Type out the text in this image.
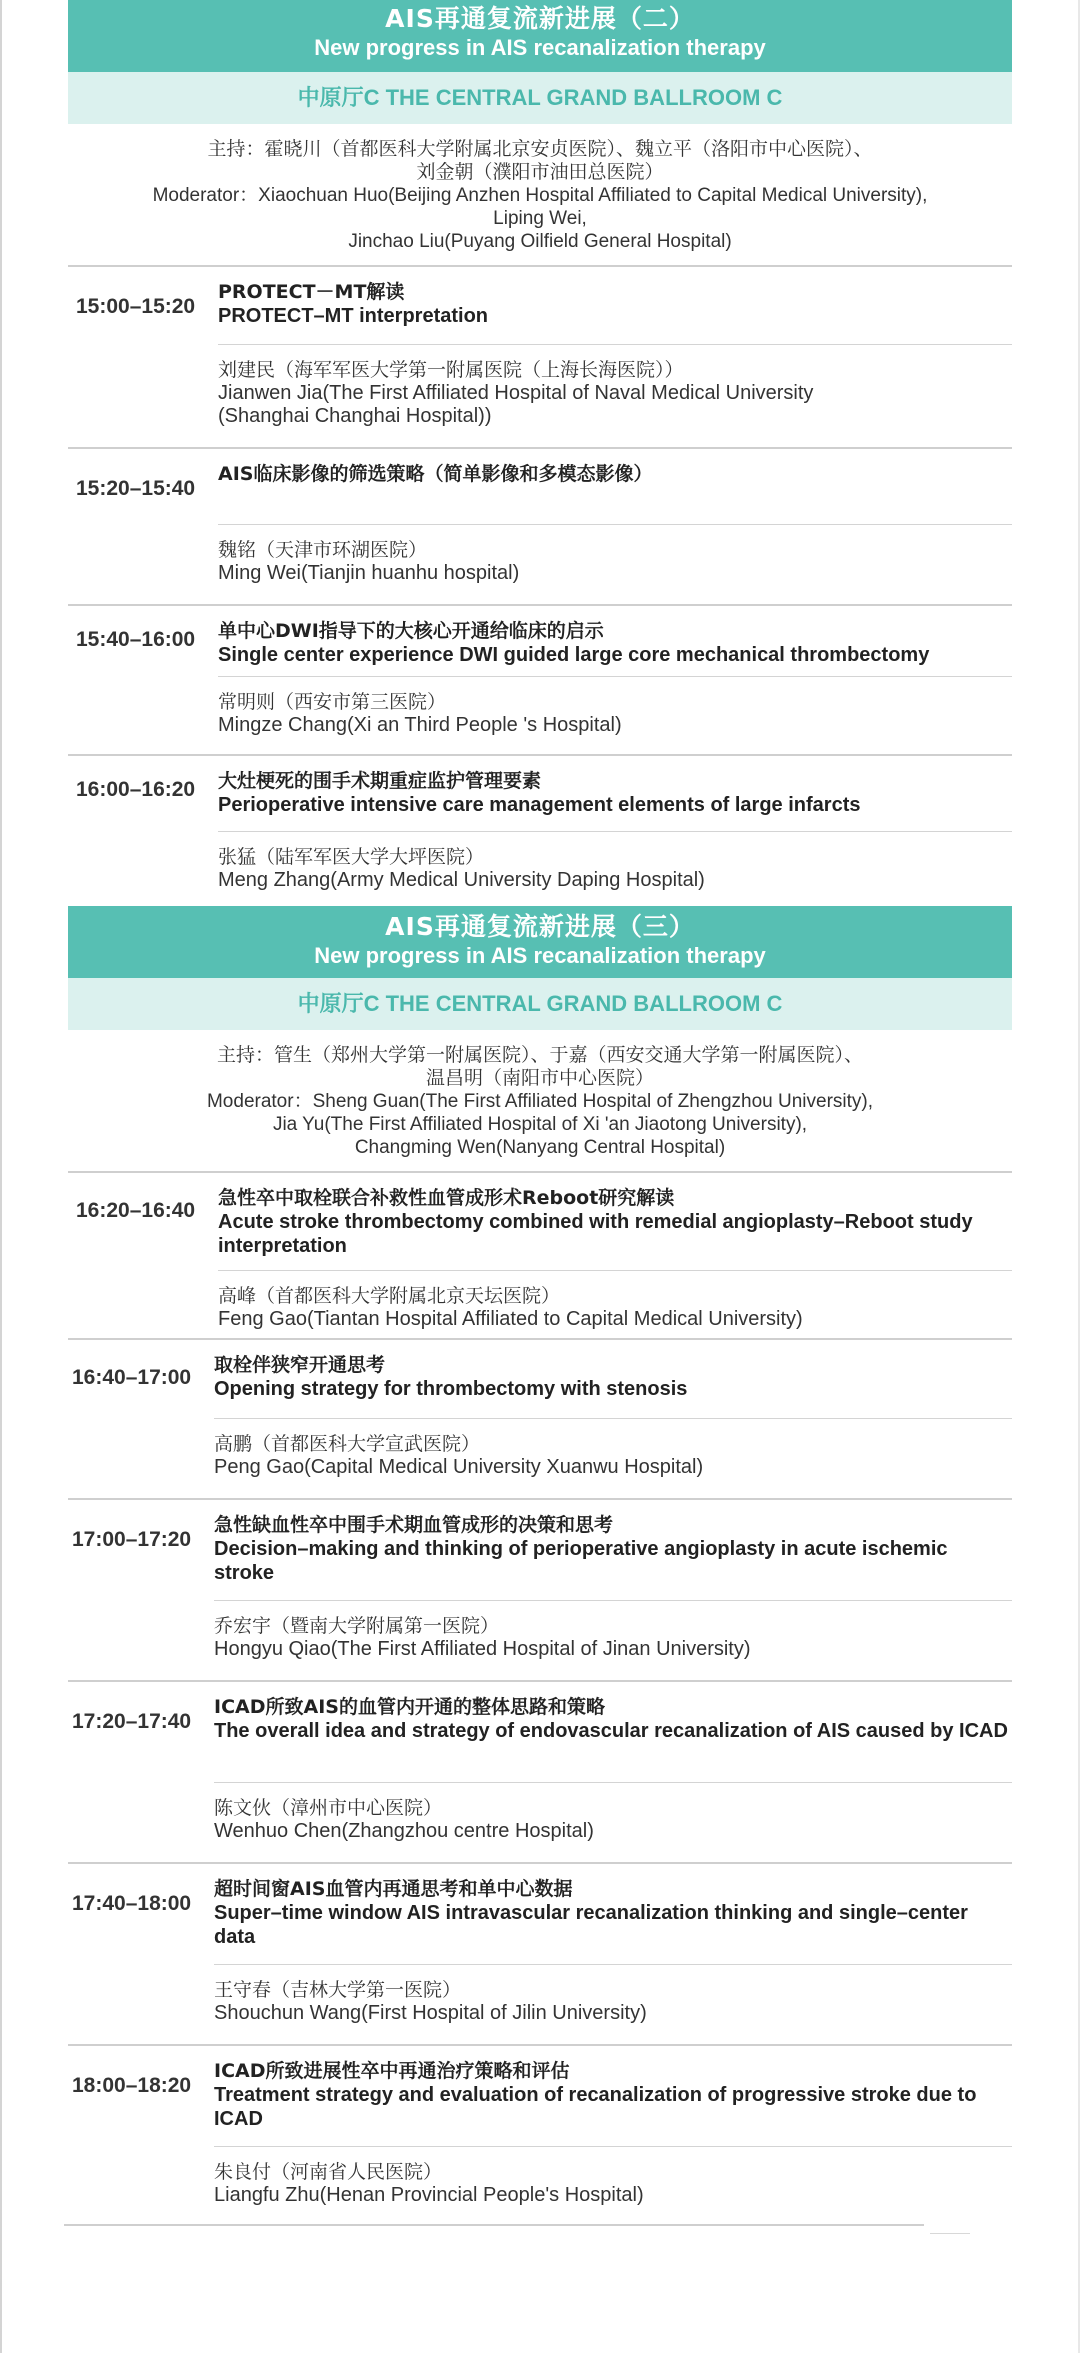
AIS再通复流新进展（二）
New progress in AIS recanalization therapy
中原厅C THE CENTRAL GRAND BALLROOM C
主持：霍晓川（首都医科大学附属北京安贞医院）、魏立平（洛阳市中心医院）、
刘金朝（濮阳市油田总医院）
Moderator：Xiaochuan Huo(Beijing Anzhen Hospital Affiliated to Capital Medical University),
Liping Wei,
Jinchao Liu(Puyang Oilfield General Hospital)
15:00–15:20
PROTECT－MT解读
PROTECT–MT interpretation
刘建民（海军军医大学第一附属医院（上海长海医院））
Jianwen Jia(The First Affiliated Hospital of Naval Medical University (Shanghai Changhai Hospital))
15:20–15:40
AIS临床影像的筛选策略（简单影像和多模态影像）
魏铭（天津市环湖医院）
Ming Wei(Tianjin huanhu hospital)
15:40–16:00 单中心DWI指导下的大核心开通给临床的启示
Single center experience DWI guided large core mechanical thrombectomy
常明则（西安市第三医院）
Mingze Chang(Xi an Third People 's Hospital)
16:00–16:20 大灶梗死的围手术期重症监护管理要素
Perioperative intensive care management elements of large infarcts
张猛（陆军军医大学大坪医院）
Meng Zhang(Army Medical University Daping Hospital)
AIS再通复流新进展（三）
New progress in AIS recanalization therapy
中原厅C THE CENTRAL GRAND BALLROOM C
主持：管生（郑州大学第一附属医院）、于嘉（西安交通大学第一附属医院）、
温昌明（南阳市中心医院）
Moderator：Sheng Guan(The First Affiliated Hospital of Zhengzhou University),
Jia Yu(The First Affiliated Hospital of Xi 'an Jiaotong University),
Changming Wen(Nanyang Central Hospital)
16:20–16:40
急性卒中取栓联合补救性血管成形术Reboot研究解读
Acute stroke thrombectomy combined with remedial angioplasty–Reboot study interpretation
高峰（首都医科大学附属北京天坛医院）
Feng Gao(Tiantan Hospital Affiliated to Capital Medical University)
16:40–17:00
取栓伴狭窄开通思考
Opening strategy for thrombectomy with stenosis
高鹏（首都医科大学宣武医院）
Peng Gao(Capital Medical University Xuanwu Hospital)
17:00–17:20
急性缺血性卒中围手术期血管成形的决策和思考
Decision–making and thinking of perioperative angioplasty in acute ischemic stroke
乔宏宇（暨南大学附属第一医院）
Hongyu Qiao(The First Affiliated Hospital of Jinan University)
17:20–17:40
ICAD所致AIS的血管内开通的整体思路和策略
The overall idea and strategy of endovascular recanalization of AIS caused by ICAD
陈文伙（漳州市中心医院）
Wenhuo Chen(Zhangzhou centre Hospital)
17:40–18:00
超时间窗AIS血管内再通思考和单中心数据
Super–time window AIS intravascular recanalization thinking and single–center data
王守春（吉林大学第一医院）
Shouchun Wang(First Hospital of Jilin University)
18:00–18:20
ICAD所致进展性卒中再通治疗策略和评估
Treatment strategy and evaluation of recanalization of progressive stroke due to ICAD
朱良付（河南省人民医院）
Liangfu Zhu(Henan Provincial People's Hospital)
